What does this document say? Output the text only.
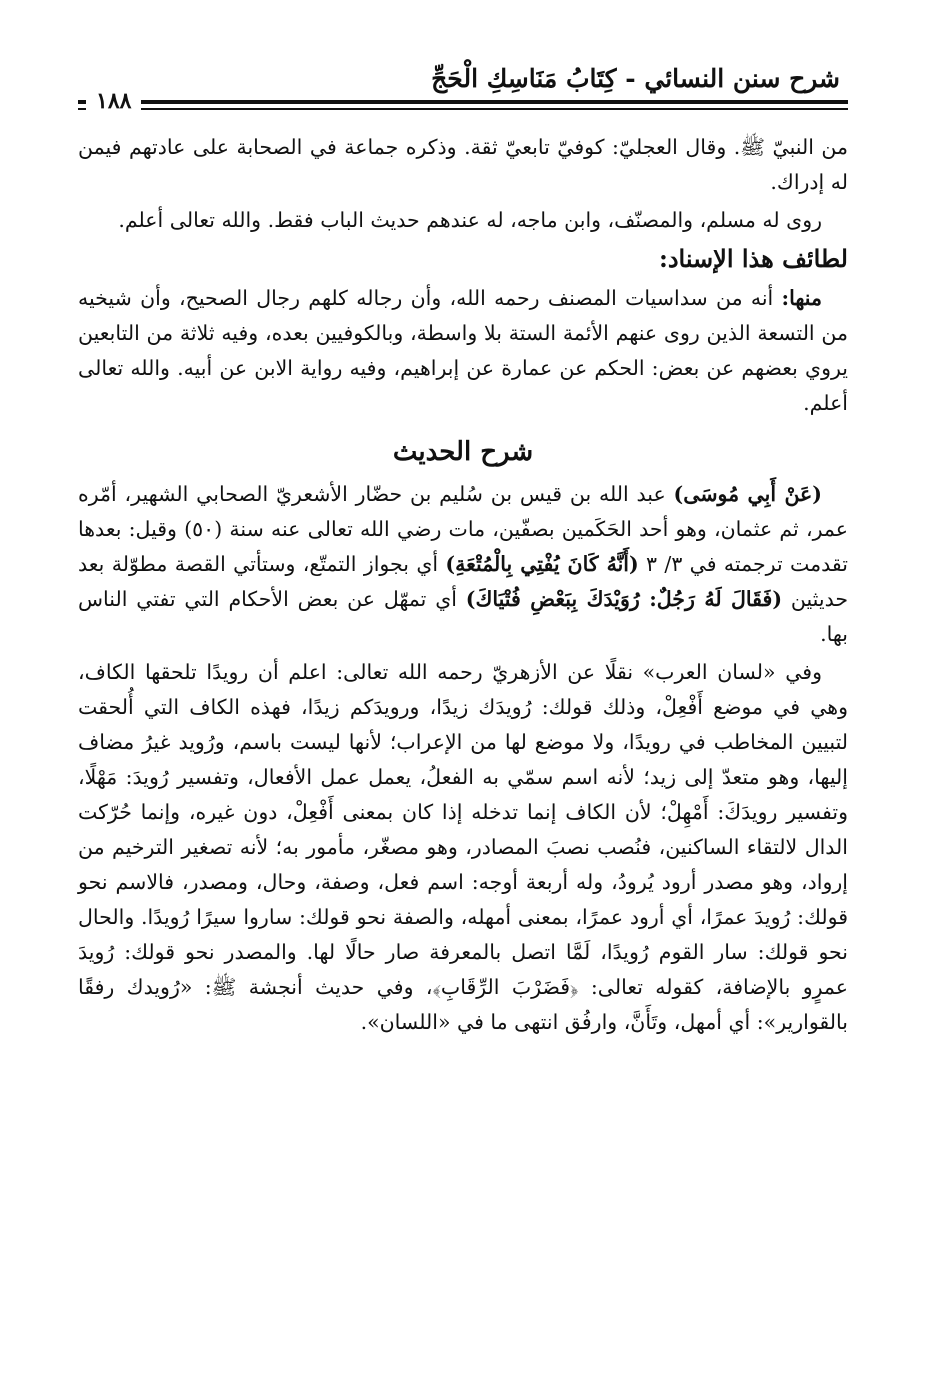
شرح سنن النسائي - كِتَابُ مَنَاسِكِ الْحَجِّ
١٨٨

من النبيّ ﷺ. وقال العجليّ: كوفيّ تابعيّ ثقة. وذكره جماعة في الصحابة على عادتهم فيمن له إدراك.

روى له مسلم، والمصنّف، وابن ماجه، له عندهم حديث الباب فقط. والله تعالى أعلم.

لطائف هذا الإسناد:

منها: أنه من سداسيات المصنف رحمه الله، وأن رجاله كلهم رجال الصحيح، وأن شيخيه من التسعة الذين روى عنهم الأئمة الستة بلا واسطة، وبالكوفيين بعده، وفيه ثلاثة من التابعين يروي بعضهم عن بعض: الحكم عن عمارة عن إبراهيم، وفيه رواية الابن عن أبيه. والله تعالى أعلم.

شرح الحديث

(عَنْ أَبِي مُوسَى) عبد الله بن قيس بن سُليم بن حضّار الأشعريّ الصحابي الشهير، أمّره عمر، ثم عثمان، وهو أحد الحَكَمين بصفّين، مات رضي الله تعالى عنه سنة (٥٠) وقيل: بعدها تقدمت ترجمته في ٣/ ٣ (أَنَّهُ كَانَ يُفْتِي بِالْمُتْعَةِ) أي بجواز التمتّع، وستأتي القصة مطوّلة بعد حديثين (فَقَالَ لَهُ رَجُلٌ: رُوَيْدَكَ بِبَعْضِ فُتْيَاكَ) أي تمهّل عن بعض الأحكام التي تفتي الناس بها.

وفي «لسان العرب» نقلًا عن الأزهريّ رحمه الله تعالى: اعلم أن رويدًا تلحقها الكاف، وهي في موضع أَفْعِلْ، وذلك قولك: رُويدَك زيدًا، ورويدَكم زيدًا، فهذه الكاف التي أُلحقت لتبيين المخاطب في رويدًا، ولا موضع لها من الإعراب؛ لأنها ليست باسم، ورُويد غيرُ مضاف إليها، وهو متعدّ إلى زيد؛ لأنه اسم سمّي به الفعلُ، يعمل عمل الأفعال، وتفسير رُويدَ: مَهْلًا، وتفسير رويدَكَ: أَمْهِلْ؛ لأن الكاف إنما تدخله إذا كان بمعنى أَفْعِلْ، دون غيره، وإنما حُرّكت الدال لالتقاء الساكنين، فنُصب نصبَ المصادر، وهو مصغّر، مأمور به؛ لأنه تصغير الترخيم من إرواد، وهو مصدر أرود يُرودُ، وله أربعة أوجه: اسم فعل، وصفة، وحال، ومصدر، فالاسم نحو قولك: رُويدَ عمرًا، أي أرود عمرًا، بمعنى أمهله، والصفة نحو قولك: ساروا سيرًا رُويدًا. والحال نحو قولك: سار القوم رُويدًا، لَمَّا اتصل بالمعرفة صار حالًا لها. والمصدر نحو قولك: رُويدَ عمرٍو بالإضافة، كقوله تعالى: ﴿فَضَرْبَ الرِّقَابِ﴾، وفي حديث أنجشة ﷺ: «رُويدك رفقًا بالقوارير»: أي أمهل، وتَأَنَّ، وارفُق انتهى ما في «اللسان».
